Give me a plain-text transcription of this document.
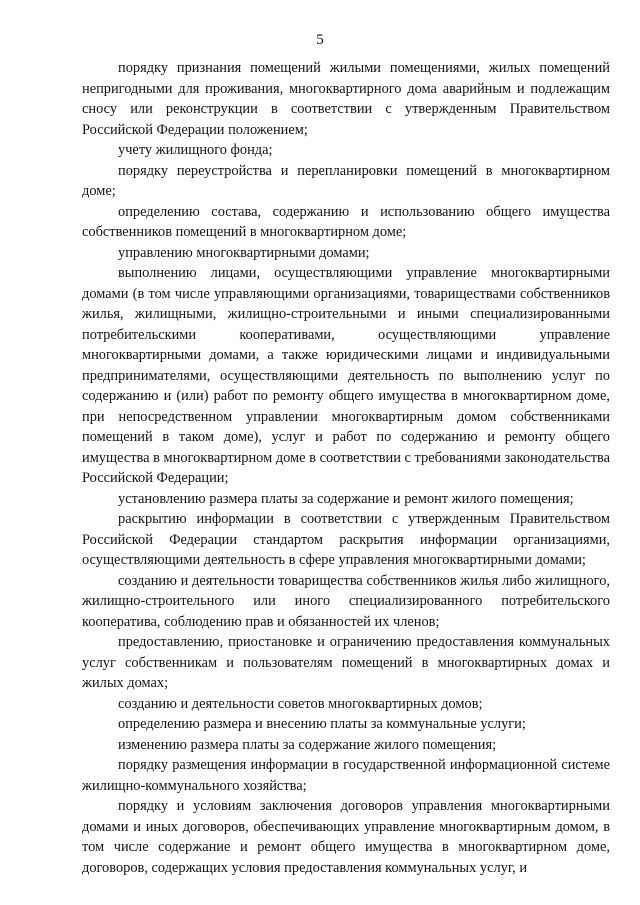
5

порядку признания помещений жилыми помещениями, жилых помещений непригодными для проживания, многоквартирного дома аварийным и подлежащим сносу или реконструкции в соответствии с утвержденным Правительством Российской Федерации положением;

учету жилищного фонда;

порядку переустройства и перепланировки помещений в многоквартирном доме;

определению состава, содержанию и использованию общего имущества собственников помещений в многоквартирном доме;

управлению многоквартирными домами;

выполнению лицами, осуществляющими управление многоквартирными домами (в том числе управляющими организациями, товариществами собственников жилья, жилищными, жилищно-строительными и иными специализированными потребительскими кооперативами, осуществляющими управление многоквартирными домами, а также юридическими лицами и индивидуальными предпринимателями, осуществляющими деятельность по выполнению услуг по содержанию и (или) работ по ремонту общего имущества в многоквартирном доме, при непосредственном управлении многоквартирным домом собственниками помещений в таком доме), услуг и работ по содержанию и ремонту общего имущества в многоквартирном доме в соответствии с требованиями законодательства Российской Федерации;

установлению размера платы за содержание и ремонт жилого помещения;

раскрытию информации в соответствии с утвержденным Правительством Российской Федерации стандартом раскрытия информации организациями, осуществляющими деятельность в сфере управления многоквартирными домами;

созданию и деятельности товарищества собственников жилья либо жилищного, жилищно-строительного или иного специализированного потребительского кооператива, соблюдению прав и обязанностей их членов;

предоставлению, приостановке и ограничению предоставления коммунальных услуг собственникам и пользователям помещений в многоквартирных домах и жилых домах;

созданию и деятельности советов многоквартирных домов;

определению размера и внесению платы за коммунальные услуги;

изменению размера платы за содержание жилого помещения;

порядку размещения информации в государственной информационной системе жилищно-коммунального хозяйства;

порядку и условиям заключения договоров управления многоквартирными домами и иных договоров, обеспечивающих управление многоквартирным домом, в том числе содержание и ремонт общего имущества в многоквартирном доме, договоров, содержащих условия предоставления коммунальных услуг, и
